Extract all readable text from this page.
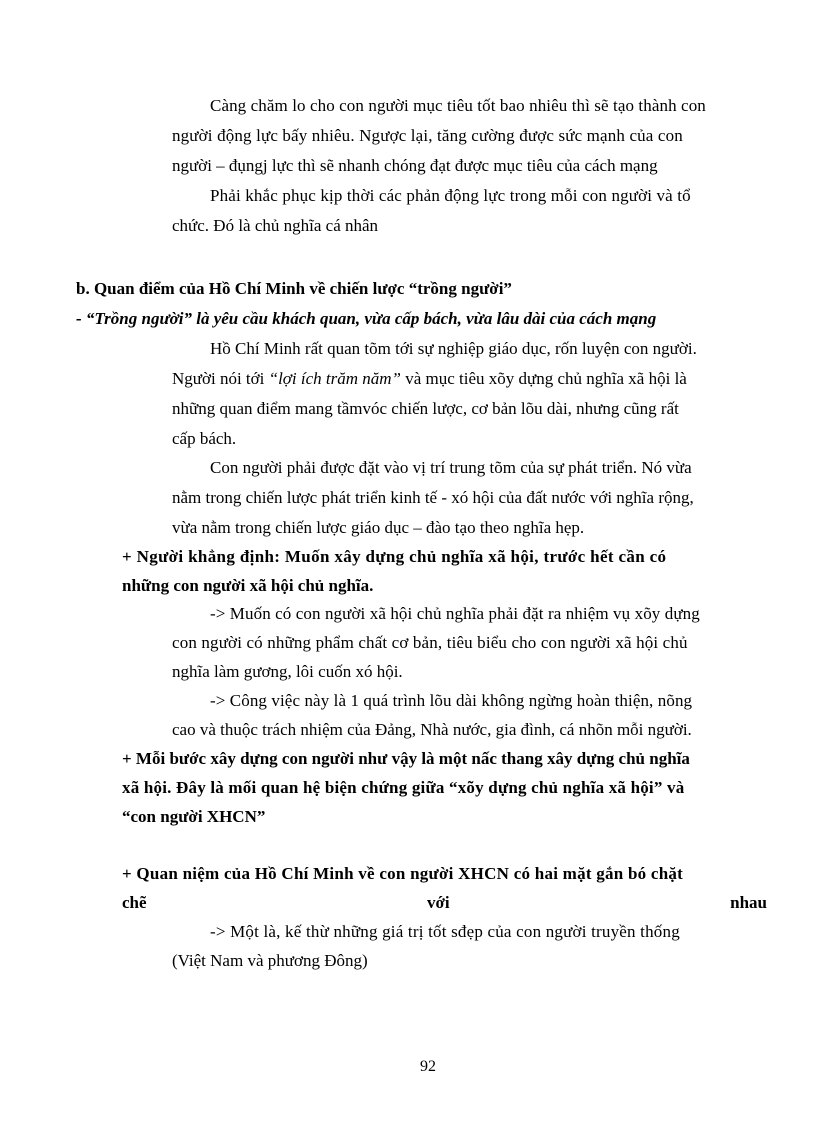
Càng chăm lo cho con người mục tiêu tốt bao nhiêu thì sẽ tạo thành con
người động lực bấy nhiêu. Ngược lại, tăng cường được sức mạnh của con
người – đụngj lực thì sẽ nhanh chóng đạt được mục tiêu của cách mạng
Phải khắc phục kịp thời các phản động lực trong mỗi con người và tổ
chức. Đó là chủ nghĩa cá nhân
b. Quan điểm của Hồ Chí Minh về chiến lược “trồng người”
- “Trồng người” là yêu cầu khách quan, vừa cấp bách, vừa lâu dài của cách mạng
Hồ Chí Minh rất quan tõm tới sự nghiệp giáo dục, rốn luyện con người.
Người nói tới “lợi ích trăm năm” và mục tiêu xõy dựng chủ nghĩa xã hội là
những quan điểm mang tầmvóc chiến lược, cơ bản lõu dài, nhưng cũng rất
cấp bách.
Con người phải được đặt vào vị trí trung tõm của sự phát triển. Nó vừa
nằm trong chiến lược phát triển kinh tế - xó hội của đất nước với nghĩa rộng,
vừa nằm trong chiến lược giáo dục – đào tạo theo nghĩa hẹp.
+ Người khẳng định: Muốn xây dựng chủ nghĩa xã hội, trước hết cần có
những con người xã hội chủ nghĩa.
-> Muốn có con người xã hội chủ nghĩa phải đặt ra nhiệm vụ xõy dựng
con người có những phẩm chất cơ bản, tiêu biểu cho con người xã hội chủ
nghĩa làm gương, lôi cuốn xó hội.
-> Công việc này là 1 quá trình lõu dài không ngừng hoàn thiện, nõng
cao và thuộc trách nhiệm của Đảng, Nhà nước, gia đình, cá nhõn mỗi người.
+ Mỗi bước xây dựng con người như vậy là một nấc thang xây dựng chủ nghĩa
xã hội. Đây là mối quan hệ biện chứng giữa “xõy dựng chủ nghĩa xã hội” và
“con người XHCN”
+ Quan niệm của Hồ Chí Minh về con người XHCN có hai mặt gắn bó chặt
chẽ	với	nhau
-> Một là, kế thừ những giá trị tốt sđẹp của con người truyền thống
(Việt Nam và phương Đông)
92
